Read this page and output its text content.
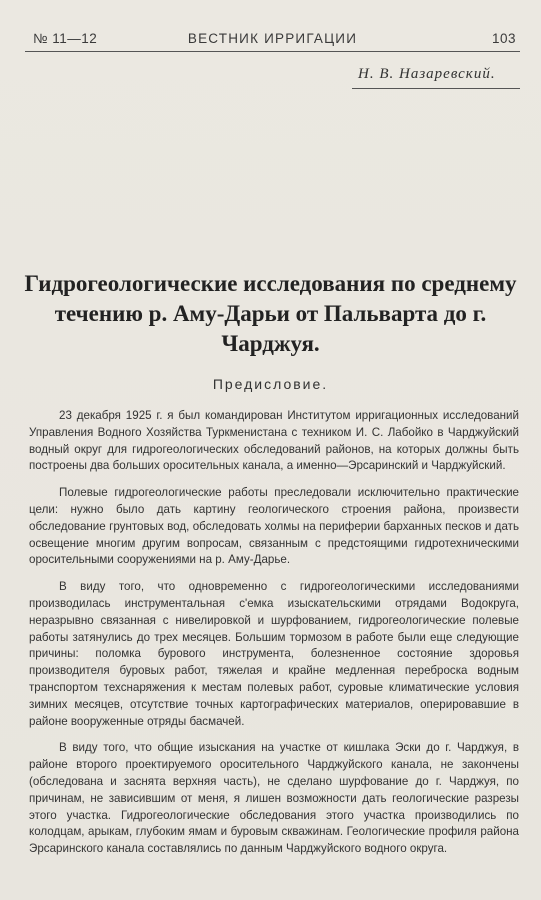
№ 11—12	ВЕСТНИК ИРРИГАЦИИ	103
Н. В. Назаревский.
Гидрогеологические исследования по среднему течению р. Аму-Дарьи от Пальварта до г. Чарджуя.
Предисловие.

23 декабря 1925 г. я был командирован Институтом ирригационных исследований Управления Водного Хозяйства Туркменистана с техником И. С. Лабойко в Чарджуйский водный округ для гидрогеологических обследований районов, на которых должны быть построены два больших оросительных канала, а именно—Эрсаринский и Чарджуйский.

Полевые гидрогеологические работы преследовали исключительно практические цели: нужно было дать картину геологического строения района, произвести обследование грунтовых вод, обследовать холмы на периферии барханных песков и дать освещение многим другим вопросам, связанным с предстоящими гидротехническими оросительными сооружениями на р. Аму-Дарье.

В виду того, что одновременно с гидрогеологическими исследованиями производилась инструментальная с'емка изыскательскими отрядами Водокруга, неразрывно связанная с нивелировкой и шурфованием, гидрогеологические полевые работы затянулись до трех месяцев. Большим тормозом в работе были еще следующие причины: поломка бурового инструмента, болезненное состояние здоровья производителя буровых работ, тяжелая и крайне медленная переброска водным транспортом техснаряжения к местам полевых работ, суровые климатические условия зимних месяцев, отсутствие точных картографических материалов, оперировавшие в районе вооруженные отряды басмачей.

В виду того, что общие изыскания на участке от кишлака Эски до г. Чарджуя, в районе второго проектируемого оросительного Чарджуйского канала, не закончены (обследована и заснята верхняя часть), не сделано шурфование до г. Чарджуя, по причинам, не зависившим от меня, я лишен возможности дать геологические разрезы этого участка. Гидрогеологические обследования этого участка производились по колодцам, арыкам, глубоким ямам и буровым скважинам. Геологические профиля района Эрсаринского канала составлялись по данным Чарджуйского водного округа.
